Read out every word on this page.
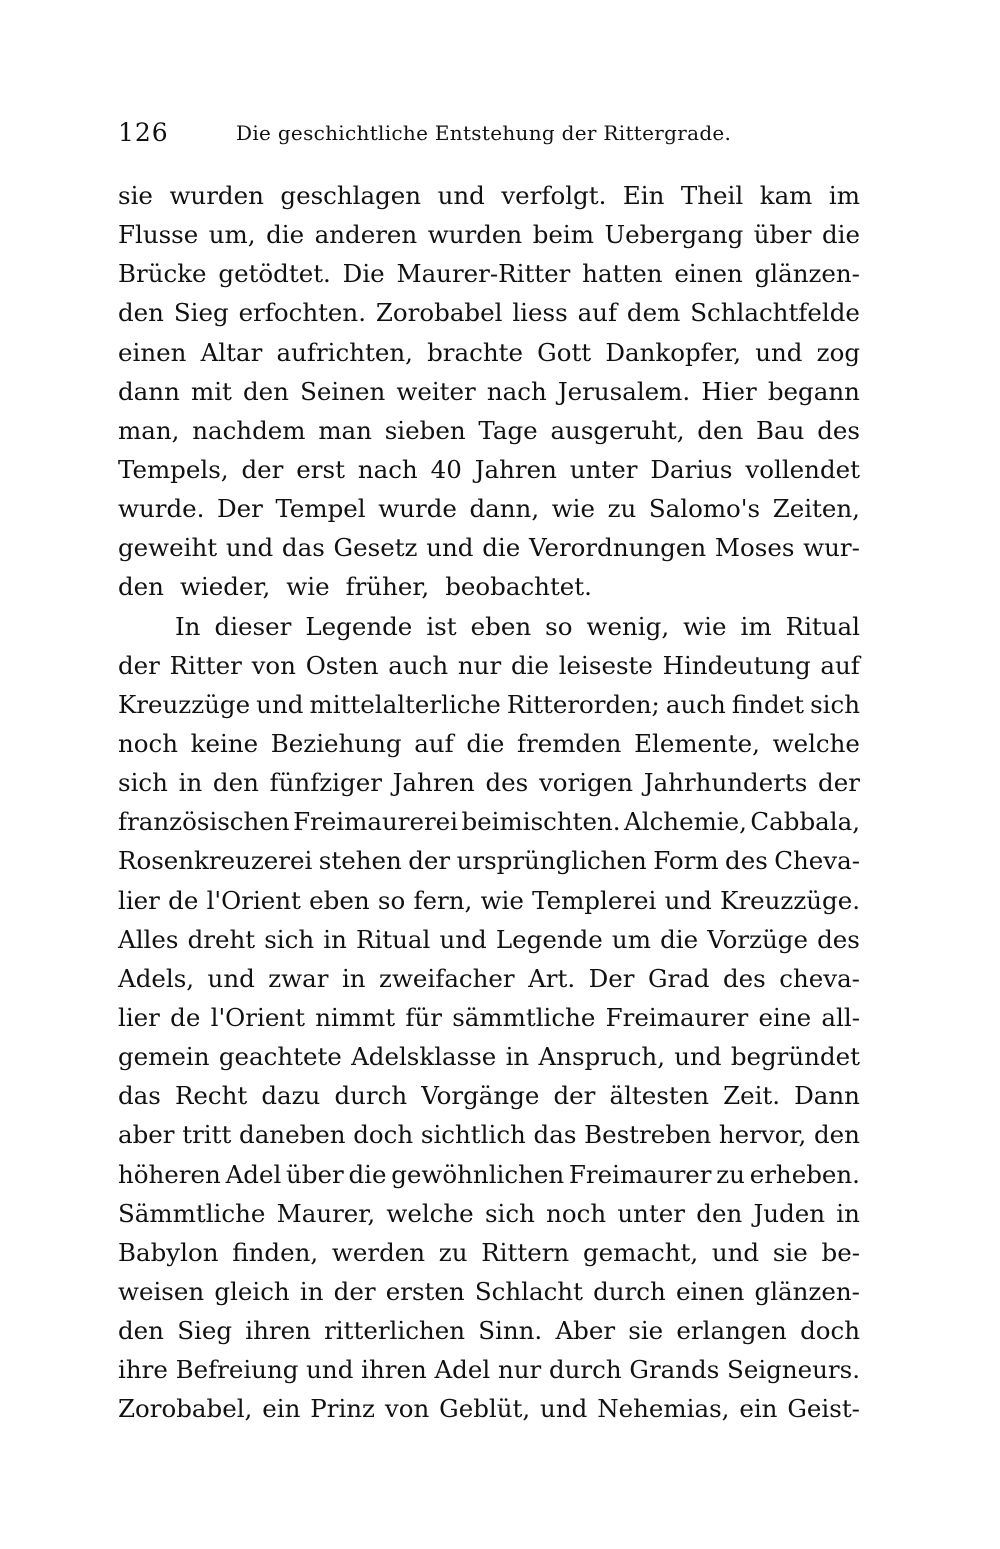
126	Die geschichtliche Entstehung der Rittergrade.
sie wurden geschlagen und verfolgt. Ein Theil kam im
Flusse um, die anderen wurden beim Uebergang über die
Brücke getödtet. Die Maurer-Ritter hatten einen glänzen-
den Sieg erfochten. Zorobabel liess auf dem Schlachtfelde
einen Altar aufrichten, brachte Gott Dankopfer, und zog
dann mit den Seinen weiter nach Jerusalem. Hier begann
man, nachdem man sieben Tage ausgeruht, den Bau des
Tempels, der erst nach 40 Jahren unter Darius vollendet
wurde. Der Tempel wurde dann, wie zu Salomo's Zeiten,
geweiht und das Gesetz und die Verordnungen Moses wur-
den wieder, wie früher, beobachtet.
In dieser Legende ist eben so wenig, wie im Ritual
der Ritter von Osten auch nur die leiseste Hindeutung auf
Kreuzzüge und mittelalterliche Ritterorden; auch findet sich
noch keine Beziehung auf die fremden Elemente, welche
sich in den fünfziger Jahren des vorigen Jahrhunderts der
französischen Freimaurerei beimischten. Alchemie, Cabbala,
Rosenkreuzerei stehen der ursprünglichen Form des Cheva-
lier de l'Orient eben so fern, wie Templerei und Kreuzzüge.
Alles dreht sich in Ritual und Legende um die Vorzüge des
Adels, und zwar in zweifacher Art. Der Grad des cheva-
lier de l'Orient nimmt für sämmtliche Freimaurer eine all-
gemein geachtete Adelsklasse in Anspruch, und begründet
das Recht dazu durch Vorgänge der ältesten Zeit. Dann
aber tritt daneben doch sichtlich das Bestreben hervor, den
höheren Adel über die gewöhnlichen Freimaurer zu erheben.
Sämmtliche Maurer, welche sich noch unter den Juden in
Babylon finden, werden zu Rittern gemacht, und sie be-
weisen gleich in der ersten Schlacht durch einen glänzen-
den Sieg ihren ritterlichen Sinn. Aber sie erlangen doch
ihre Befreiung und ihren Adel nur durch Grands Seigneurs.
Zorobabel, ein Prinz von Geblüt, und Nehemias, ein Geist-
